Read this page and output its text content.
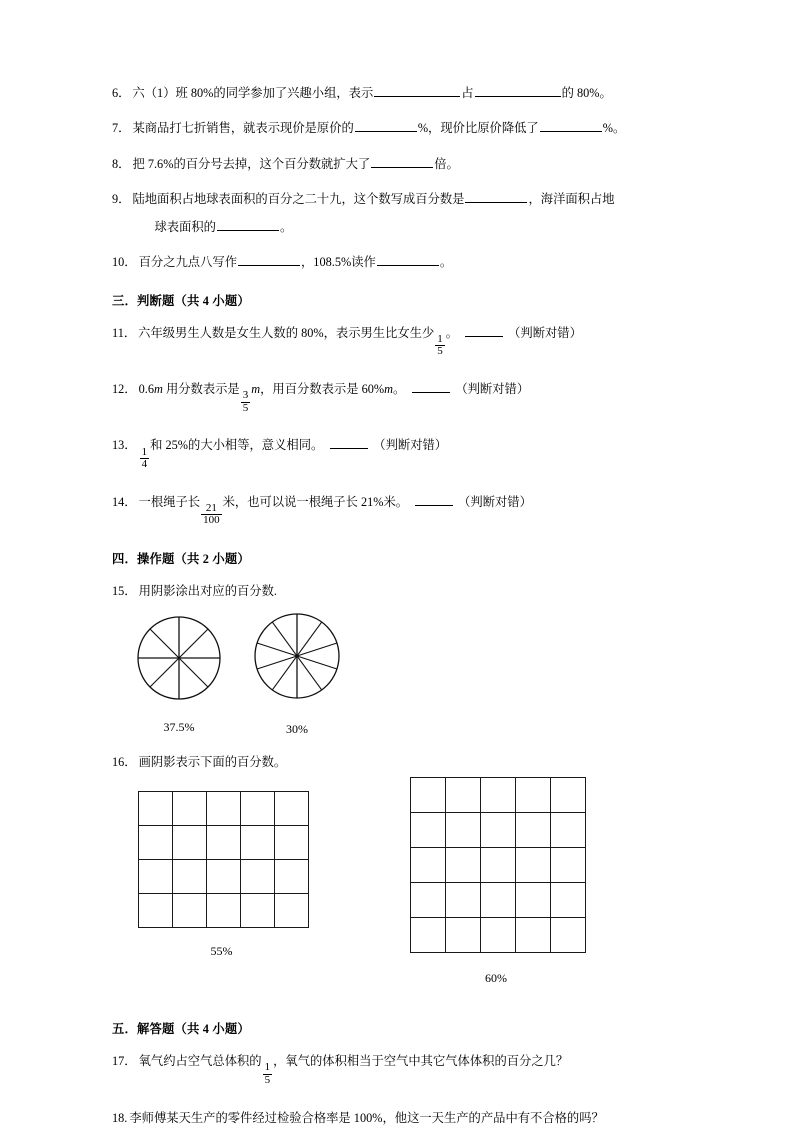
6． 六（1）班 80%的同学参加了兴趣小组，表示	占	的 80%。
7． 某商品打七折销售，就表示现价是原价的	%，现价比原价降低了	%。
8． 把 7.6%的百分号去掉，这个百分数就扩大了	倍。
9． 陆地面积占地球表面积的百分之二十九，这个数写成百分数是	，海洋面积占地
球表面积的	。
10． 百分之九点八写作	，108.5%读作	。
三．判断题（共 4 小题）
11． 六年级男生人数是女生人数的 80%，表示男生比女生少
$\frac{1}{5}$
。	（判断对错）
12． 0.6m 用分数表示是
$\frac{3}{5}$
m，用百分数表示是 60%m。	（判断对错）
13．
$\frac{1}{4}$
和 25%的大小相等，意义相同。	（判断对错）
14． 一根绳子长
$\frac{21}{100}$
米，也可以说一根绳子长 21%米。	（判断对错）
四．操作题（共 2 小题）
15． 用阴影涂出对应的百分数.
37.5%	30%
16． 画阴影表示下面的百分数。

55%

60%
五．解答题（共 4 小题）
17． 氧气约占空气总体积的
$\frac{1}{5}$
，氧气的体积相当于空气中其它气体体积的百分之几？
18. 李师傅某天生产的零件经过检验合格率是 100%，他这一天生产的产品中有不合格的吗？
